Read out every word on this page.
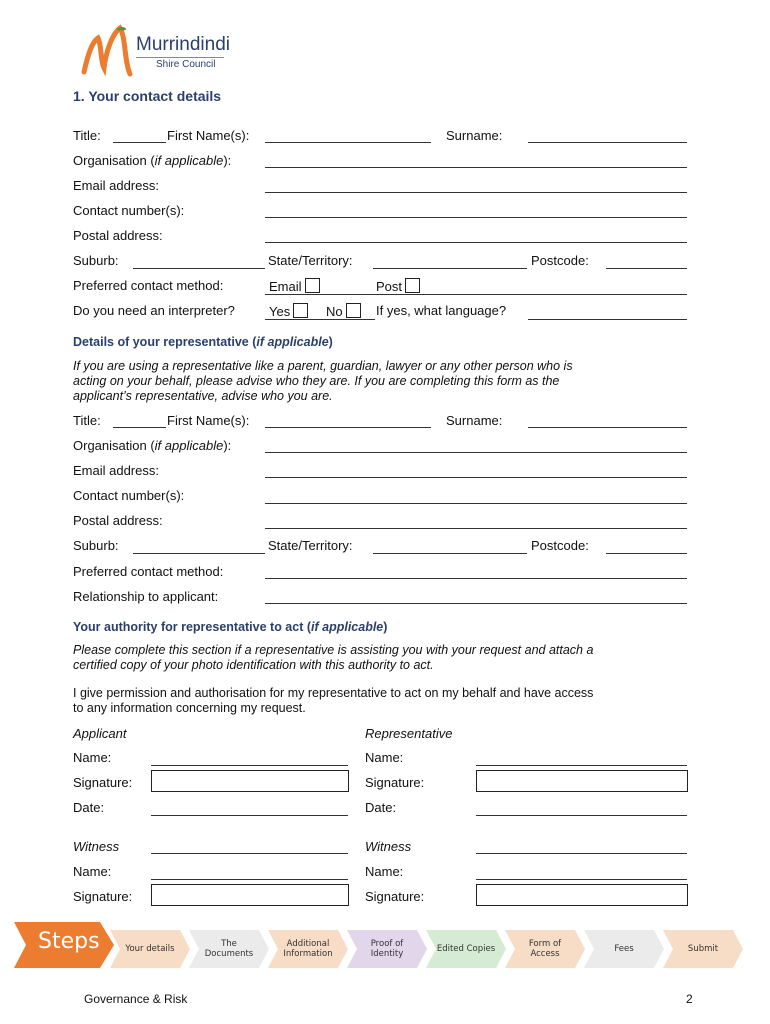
Murrindindi
Shire Council
1. Your contact details
Title:	First Name(s):	Surname:
Organisation (if applicable):
Email address:
Contact number(s):
Postal address:
Suburb:	State/Territory:	Postcode:
Preferred contact method:	Email	Post
Do you need an interpreter?	Yes	No	If yes, what language?
Details of your representative (if applicable)
If you are using a representative like a parent, guardian, lawyer or any other person who is
acting on your behalf, please advise who they are. If you are completing this form as the
applicant’s representative, advise who you are.
Title:	First Name(s):	Surname:
Organisation (if applicable):
Email address:
Contact number(s):
Postal address:
Suburb:	State/Territory:	Postcode:
Preferred contact method:
Relationship to applicant:
Your authority for representative to act (if applicable)
Please complete this section if a representative is assisting you with your request and attach a
certified copy of your photo identification with this authority to act.
I give permission and authorisation for my representative to act on my behalf and have access
to any information concerning my request.
Applicant	Representative
Name:	Name:
Signature:	Signature:
Date:	Date:
Witness	Witness
Name:	Name:
Signature:	Signature:
Steps	Your details	The Documents
Additional Information
Proof of Identity	Edited Copies	Form of Access	Fees	Submit
Governance & Risk	2
